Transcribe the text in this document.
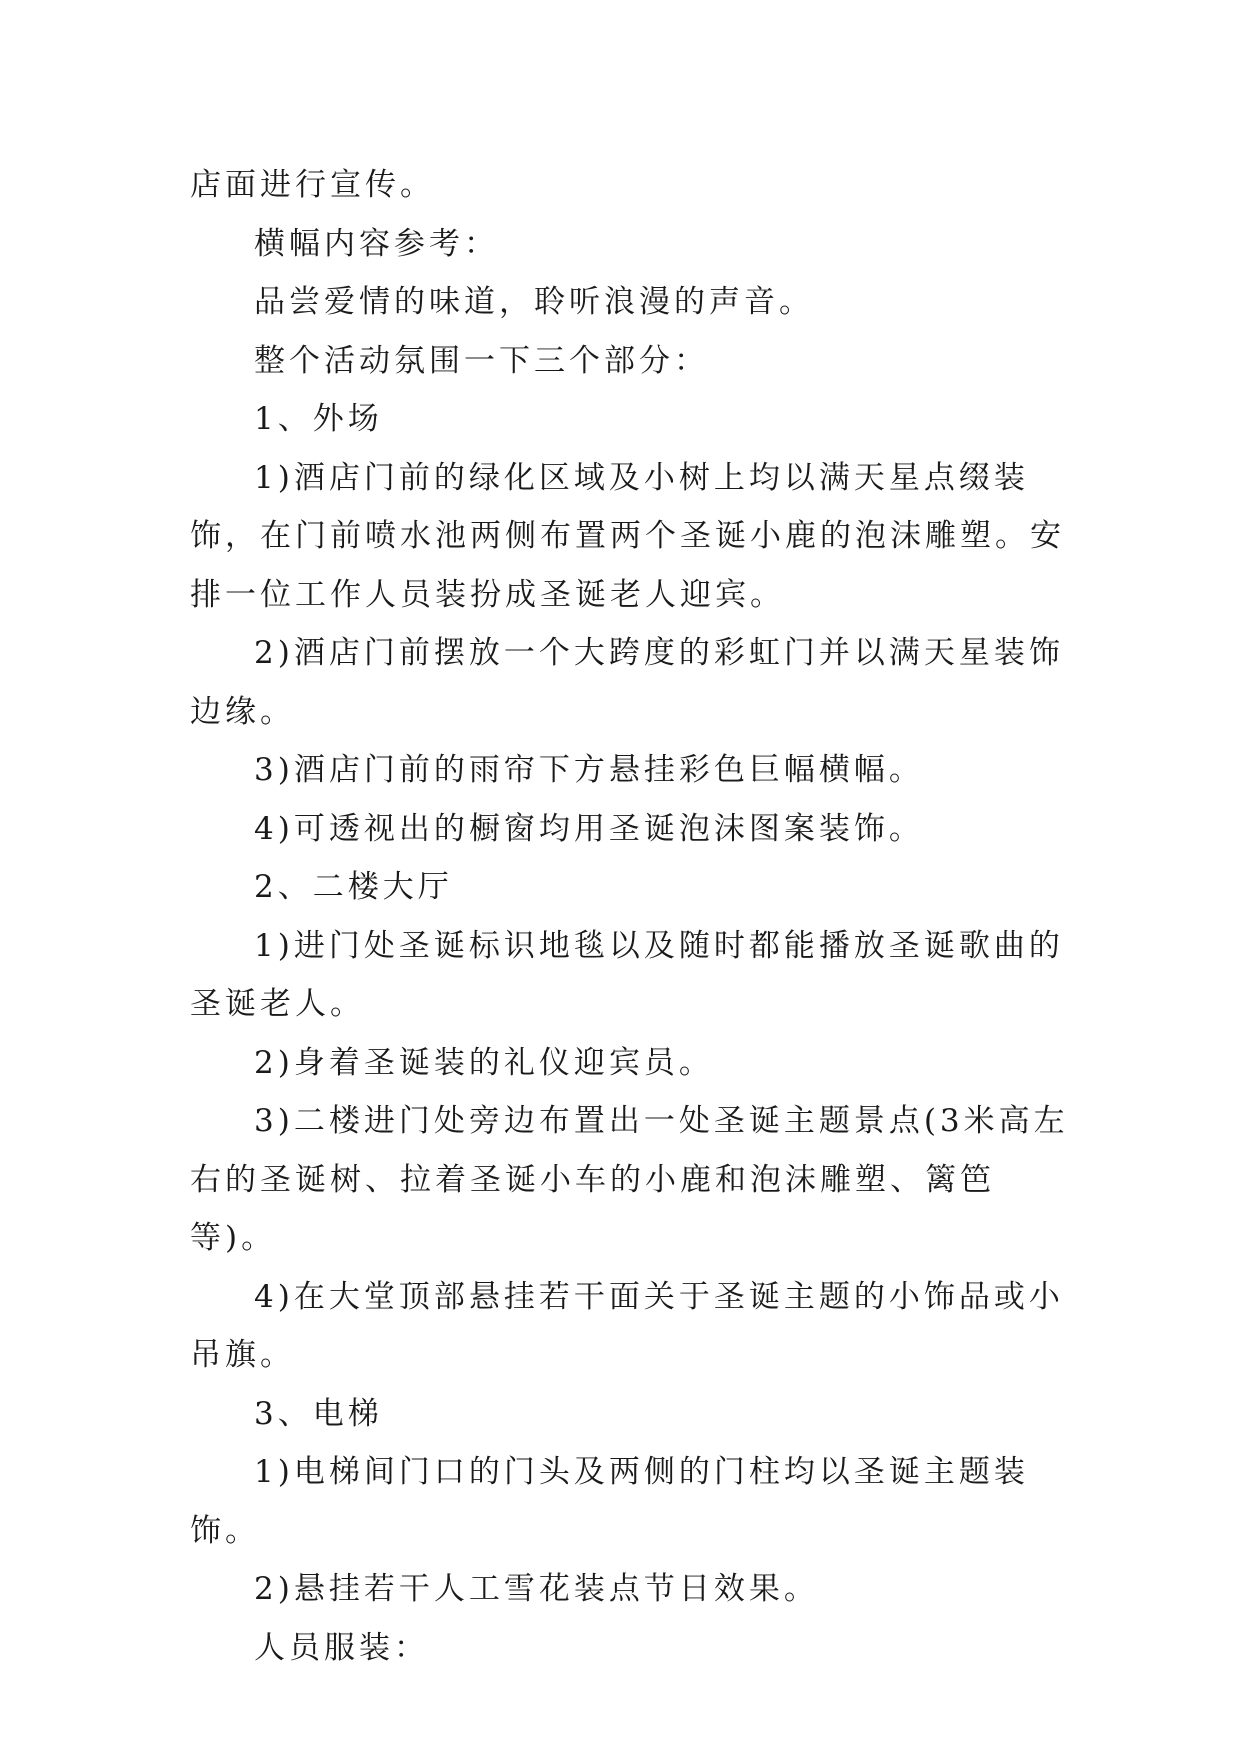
店面进行宣传。

横幅内容参考：

品尝爱情的味道，聆听浪漫的声音。

整个活动氛围一下三个部分：

1、外场

1)酒店门前的绿化区域及小树上均以满天星点缀装饰，在门前喷水池两侧布置两个圣诞小鹿的泡沫雕塑。安排一位工作人员装扮成圣诞老人迎宾。

2)酒店门前摆放一个大跨度的彩虹门并以满天星装饰边缘。

3)酒店门前的雨帘下方悬挂彩色巨幅横幅。

4)可透视出的橱窗均用圣诞泡沫图案装饰。

2、二楼大厅

1)进门处圣诞标识地毯以及随时都能播放圣诞歌曲的圣诞老人。

2)身着圣诞装的礼仪迎宾员。

3)二楼进门处旁边布置出一处圣诞主题景点(3米高左右的圣诞树、拉着圣诞小车的小鹿和泡沫雕塑、篱笆等)。

4)在大堂顶部悬挂若干面关于圣诞主题的小饰品或小吊旗。

3、电梯

1)电梯间门口的门头及两侧的门柱均以圣诞主题装饰。

2)悬挂若干人工雪花装点节日效果。

人员服装：
